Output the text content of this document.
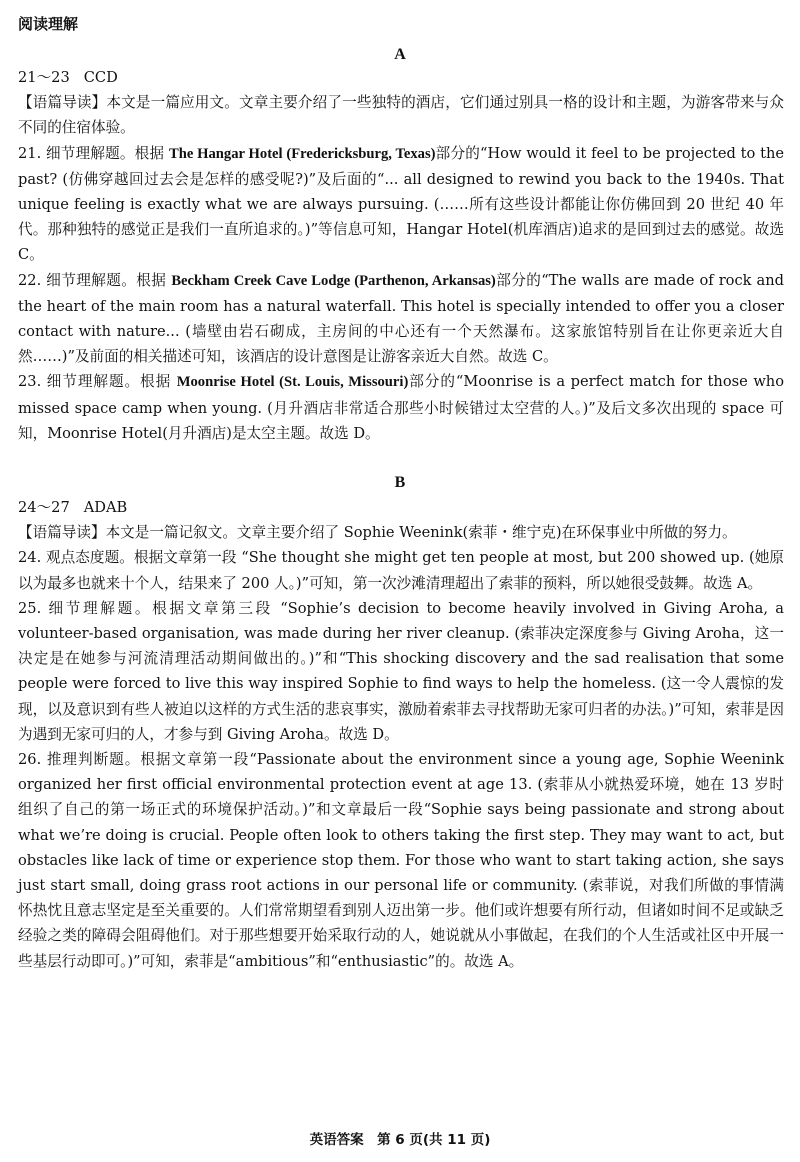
阅读理解
A
21～23 CCD

【语篇导读】本文是一篇应用文。文章主要介绍了一些独特的酒店，它们通过别具一格的设计和主题，为游客带来与众不同的住宿体验。

21. 细节理解题。根据 The Hangar Hotel (Fredericksburg, Texas)部分的“How would it feel to be projected to the past? (仿佛穿越回过去会是怎样的感受呢?)”及后面的“... all designed to rewind you back to the 1940s. That unique feeling is exactly what we are always pursuing. (……所有这些设计都能让你仿佛回到 20 世纪 40 年代。那种独特的感觉正是我们一直所追求的。)”等信息可知，Hangar Hotel(机库酒店)追求的是回到过去的感觉。故选 C。

22. 细节理解题。根据 Beckham Creek Cave Lodge (Parthenon, Arkansas)部分的“The walls are made of rock and the heart of the main room has a natural waterfall. This hotel is specially intended to offer you a closer contact with nature... (墙壁由岩石砌成，主房间的中心还有一个天然瀑布。这家旅馆特别旨在让你更亲近大自然……)”及前面的相关描述可知，该酒店的设计意图是让游客亲近大自然。故选 C。

23. 细节理解题。根据 Moonrise Hotel (St. Louis, Missouri)部分的“Moonrise is a perfect match for those who missed space camp when young. (月升酒店非常适合那些小时候错过太空营的人。)”及后文多次出现的 space 可知，Moonrise Hotel(月升酒店)是太空主题。故选 D。

B
24～27 ADAB

【语篇导读】本文是一篇记叙文。文章主要介绍了 Sophie Weenink(索菲・维宁克)在环保事业中所做的努力。

24. 观点态度题。根据文章第一段 “She thought she might get ten people at most, but 200 showed up. (她原以为最多也就来十个人，结果来了 200 人。)”可知，第一次沙滩清理超出了索菲的预料，所以她很受鼓舞。故选 A。

25. 细节理解题。根据文章第三段 “Sophie’s decision to become heavily involved in Giving Aroha, a volunteer-based organisation, was made during her river cleanup. (索菲决定深度参与 Giving Aroha，这一决定是在她参与河流清理活动期间做出的。)”和“This shocking discovery and the sad realisation that some people were forced to live this way inspired Sophie to find ways to help the homeless. (这一令人震惊的发现，以及意识到有些人被迫以这样的方式生活的悲哀事实，激励着索菲去寻找帮助无家可归者的办法。)”可知，索菲是因为遇到无家可归的人，才参与到 Giving Aroha。故选 D。

26. 推理判断题。根据文章第一段“Passionate about the environment since a young age, Sophie Weenink organized her first official environmental protection event at age 13. (索菲从小就热爱环境，她在 13 岁时组织了自己的第一场正式的环境保护活动。)”和文章最后一段“Sophie says being passionate and strong about what we’re doing is crucial. People often look to others taking the first step. They may want to act, but obstacles like lack of time or experience stop them. For those who want to start taking action, she says just start small, doing grass root actions in our personal life or community. (索菲说，对我们所做的事情满怀热忱且意志坚定是至关重要的。人们常常期望看到别人迈出第一步。他们或许想要有所行动，但诸如时间不足或缺乏经验之类的障碍会阻碍他们。对于那些想要开始采取行动的人，她说就从小事做起，在我们的个人生活或社区中开展一些基层行动即可。)”可知，索菲是“ambitious”和“enthusiastic”的。故选 A。

英语答案　第 6 页(共 11 页)
